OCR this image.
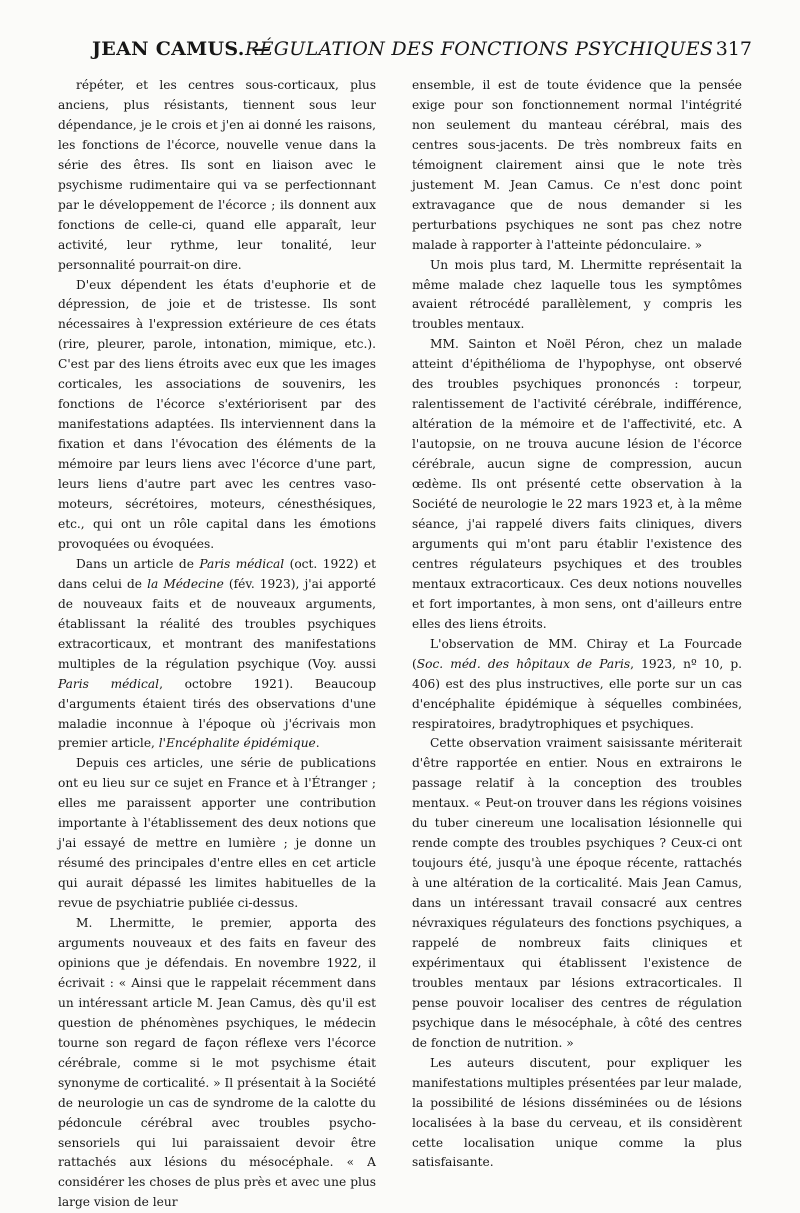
JEAN CAMUS. —
RÉGULATION DES FONCTIONS PSYCHIQUES 317

répéter, et les centres sous-corticaux, plus anciens, plus résistants, tiennent sous leur dépendance, je le crois et j'en ai donné les raisons, les fonctions de l'écorce, nouvelle venue dans la série des êtres. Ils sont en liaison avec le psychisme rudimentaire qui va se perfectionnant par le développement de l'écorce ; ils donnent aux fonctions de celle-ci, quand elle apparaît, leur activité, leur rythme, leur tonalité, leur personnalité pourrait-on dire.

D'eux dépendent les états d'euphorie et de dépression, de joie et de tristesse. Ils sont nécessaires à l'expression extérieure de ces états (rire, pleurer, parole, intonation, mimique, etc.). C'est par des liens étroits avec eux que les images corticales, les associations de souvenirs, les fonctions de l'écorce s'extériorisent par des manifestations adaptées. Ils interviennent dans la fixation et dans l'évocation des éléments de la mémoire par leurs liens avec l'écorce d'une part, leurs liens d'autre part avec les centres vaso-moteurs, sécrétoires, moteurs, cénesthésiques, etc., qui ont un rôle capital dans les émotions provoquées ou évoquées.

Dans un article de Paris médical (oct. 1922) et dans celui de la Médecine (fév. 1923), j'ai apporté de nouveaux faits et de nouveaux arguments, établissant la réalité des troubles psychiques extracorticaux, et montrant des manifestations multiples de la régulation psychique (Voy. aussi Paris médical, octobre 1921). Beaucoup d'arguments étaient tirés des observations d'une maladie inconnue à l'époque où j'écrivais mon premier article, l'Encéphalite épidémique.

Depuis ces articles, une série de publications ont eu lieu sur ce sujet en France et à l'Étranger ; elles me paraissent apporter une contribution importante à l'établissement des deux notions que j'ai essayé de mettre en lumière ; je donne un résumé des principales d'entre elles en cet article qui aurait dépassé les limites habituelles de la revue de psychiatrie publiée ci-dessus.

M. Lhermitte, le premier, apporta des arguments nouveaux et des faits en faveur des opinions que je défendais. En novembre 1922, il écrivait : « Ainsi que le rappelait récemment dans un intéressant article M. Jean Camus, dès qu'il est question de phénomènes psychiques, le médecin tourne son regard de façon réflexe vers l'écorce cérébrale, comme si le mot psychisme était synonyme de corticalité. » Il présentait à la Société de neurologie un cas de syndrome de la calotte du pédoncule cérébral avec troubles psycho-sensoriels qui lui paraissaient devoir être rattachés aux lésions du mésocéphale. « A considérer les choses de plus près et avec une plus large vision de leur

ensemble, il est de toute évidence que la pensée exige pour son fonctionnement normal l'intégrité non seulement du manteau cérébral, mais des centres sous-jacents. De très nombreux faits en témoignent clairement ainsi que le note très justement M. Jean Camus. Ce n'est donc point extravagance que de nous demander si les perturbations psychiques ne sont pas chez notre malade à rapporter à l'atteinte pédonculaire. »

Un mois plus tard, M. Lhermitte représentait la même malade chez laquelle tous les symptômes avaient rétrocédé parallèlement, y compris les troubles mentaux.

MM. Sainton et Noël Péron, chez un malade atteint d'épithélioma de l'hypophyse, ont observé des troubles psychiques prononcés : torpeur, ralentissement de l'activité cérébrale, indifférence, altération de la mémoire et de l'affectivité, etc. A l'autopsie, on ne trouva aucune lésion de l'écorce cérébrale, aucun signe de compression, aucun œdème. Ils ont présenté cette observation à la Société de neurologie le 22 mars 1923 et, à la même séance, j'ai rappelé divers faits cliniques, divers arguments qui m'ont paru établir l'existence des centres régulateurs psychiques et des troubles mentaux extracorticaux. Ces deux notions nouvelles et fort importantes, à mon sens, ont d'ailleurs entre elles des liens étroits.

L'observation de MM. Chiray et La Fourcade (Soc. méd. des hôpitaux de Paris, 1923, nº 10, p. 406) est des plus instructives, elle porte sur un cas d'encéphalite épidémique à séquelles combinées, respiratoires, bradytrophiques et psychiques.

Cette observation vraiment saisissante mériterait d'être rapportée en entier. Nous en extrairons le passage relatif à la conception des troubles mentaux. « Peut-on trouver dans les régions voisines du tuber cinereum une localisation lésionnelle qui rende compte des troubles psychiques ? Ceux-ci ont toujours été, jusqu'à une époque récente, rattachés à une altération de la corticalité. Mais Jean Camus, dans un intéressant travail consacré aux centres névraxiques régulateurs des fonctions psychiques, a rappelé de nombreux faits cliniques et expérimentaux qui établissent l'existence de troubles mentaux par lésions extracorticales. Il pense pouvoir localiser des centres de régulation psychique dans le mésocéphale, à côté des centres de fonction de nutrition. »

Les auteurs discutent, pour expliquer les manifestations multiples présentées par leur malade, la possibilité de lésions disséminées ou de lésions localisées à la base du cerveau, et ils considèrent cette localisation unique comme la plus satisfaisante.
